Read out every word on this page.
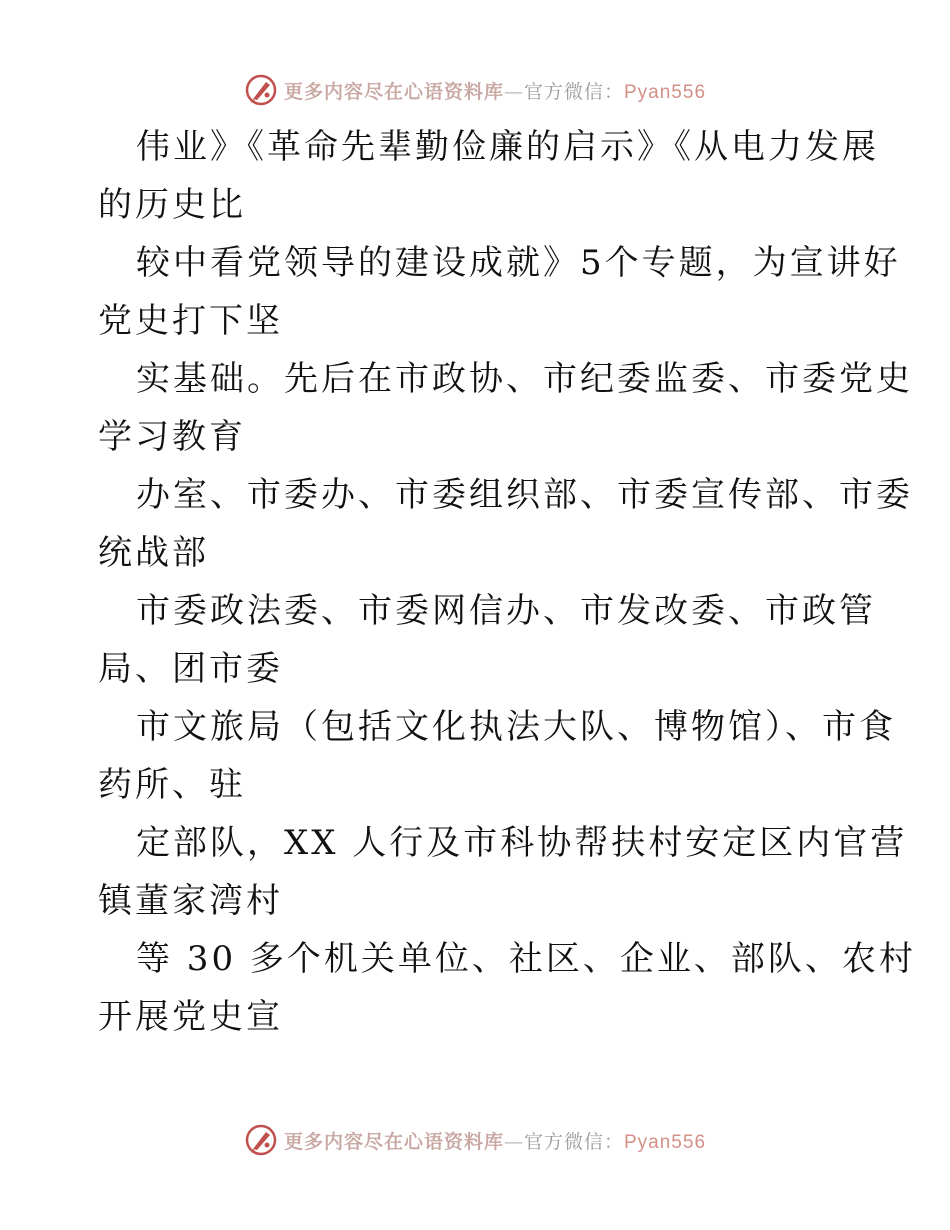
更多内容尽在心语资料库—官方微信：Pyan556

伟业》《革命先辈勤俭廉的启示》《从电力发展
的历史比

较中看党领导的建设成就》5个专题，为宣讲好
党史打下坚

实基础。先后在市政协、市纪委监委、市委党史
学习教育

办室、市委办、市委组织部、市委宣传部、市委
统战部

市委政法委、市委网信办、市发改委、市政管
局、团市委

市文旅局（包括文化执法大队、博物馆）、市食
药所、驻

定部队，XX 人行及市科协帮扶村安定区内官营
镇董家湾村

等 30 多个机关单位、社区、企业、部队、农村
开展党史宣

更多内容尽在心语资料库—官方微信：Pyan556
